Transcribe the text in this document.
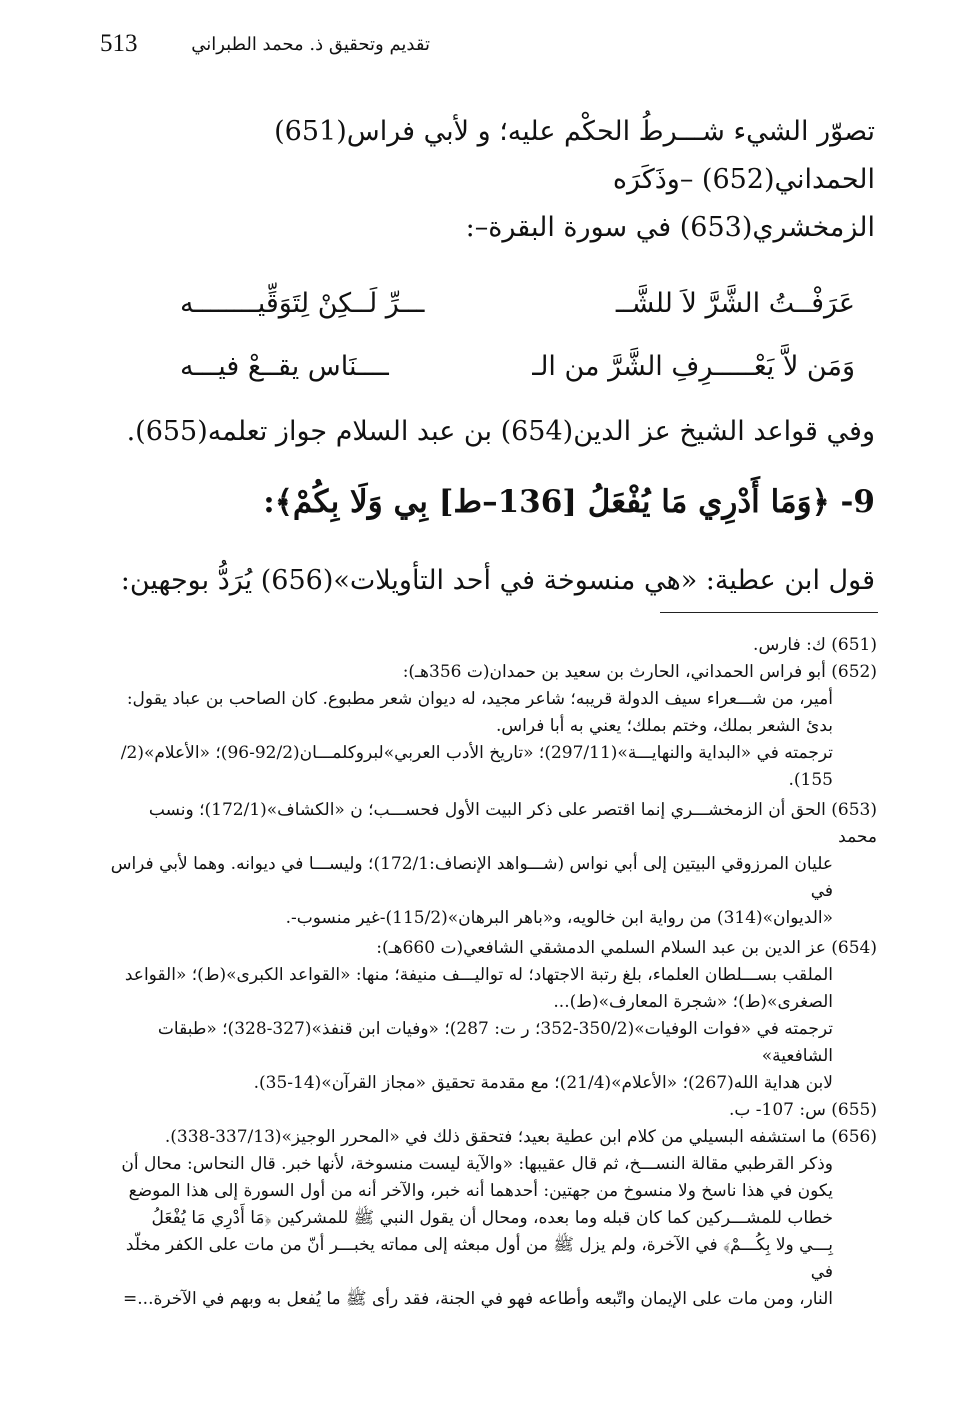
513	تقديم وتحقيق ذ. محمد الطبراني

تصوّر الشيء شـــرطُ الحكْم عليه؛ و لأبي فراس(651) الحمداني(652) –وذَكَرَه

الزمخشري(653) في سورة البقرة–:

عَرَفْــتُ الشَّرَّ لاَ للشَّــ
ـــرِّ لَــكِنْ لِتَوَقِّيــــــــه
وَمَن لاَّ يَعْـــــرِفِ الشَّرَّ من الـ
ــــنَاس يقــعْ فيـــه

وفي قواعد الشيخ عز الدين(654) بن عبد السلام جواز تعلمه(655).

9- ﴿وَمَا أَدْرِي مَا يُفْعَلُ [136–ط] بِي وَلَا بِكُمْ﴾:

قول ابن عطية: «هي منسوخة في أحد التأويلات»(656) يُرَدُّ بوجهين:

(651) ك: فارس.

(652) أبو فراس الحمداني، الحارث بن سعيد بن حمدان(ت 356هـ):

أمير، من شـــعراء سيف الدولة قريبه؛ شاعر مجيد، له ديوان شعر مطبوع. كان الصاحب بن عباد يقول:

بدئ الشعر بملك، وختم بملك؛ يعني به أبا فراس.

ترجمته في «البداية والنهايـــة»(297/11)؛ «تاريخ الأدب العربي»لبروكلمـــان(92/2-96)؛ «الأعلام»(2/

155).

(653) الحق أن الزمخشـــري إنما اقتصر على ذكر البيت الأول فحســـب؛ ن «الكشاف»(172/1)؛ ونسب محمد

عليان المرزوقي البيتين إلى أبي نواس (شـــواهد الإنصاف:172/1)؛ وليســـا في ديوانه. وهما لأبي فراس في

«الديوان»(314) من رواية ابن خالويه، و«باهر البرهان»(115/2)-غير منسوب-.

(654) عز الدين بن عبد السلام السلمي الدمشقي الشافعي(ت 660هـ):

الملقب بســـلطان العلماء، بلغ رتبة الاجتهاد؛ له تواليـــف منيفة؛ منها: «القواعد الكبرى»(ط)؛ «القواعد

الصغرى»(ط)؛ «شجرة المعارف»(ط)...

ترجمته في «فوات الوفيات»(350/2-352؛ ر ت: 287)؛ «وفيات ابن قنفذ»(327-328)؛ «طبقات الشافعية»

لابن هداية الله(267)؛ «الأعلام»(21/4)؛ مع مقدمة تحقيق «مجاز القرآن»(14-35).

(655) س: 107- ب.

(656) ما استشفه البسيلي من كلام ابن عطية بعيد؛ فتحقق ذلك في «المحرر الوجيز»(337/13-338).

وذكر القرطبي مقالة النســـخ، ثم قال عقيبها: «والآية ليست منسوخة، لأنها خبر. قال النحاس: محال أن

يكون في هذا ناسخ ولا منسوخ من جهتين: أحدهما أنه خبر، والآخر أنه من أول السورة إلى هذا الموضع

خطاب للمشـــركين كما كان قبله وما بعده، ومحال أن يقول النبي ﷺ للمشركين ﴿مَا أَدْرِي مَا يُفْعَلُ

بِـــي ولا بِكُـــمْ﴾ في الآخرة، ولم يزل ﷺ من أول مبعثه إلى مماته يخبـــر أنّ من مات على الكفر مخلّد في

النار، ومن مات على الإيمان واتّبعه وأطاعه فهو في الجنة، فقد رأى ﷺ ما يُفعل به وبهم في الآخرة...=
